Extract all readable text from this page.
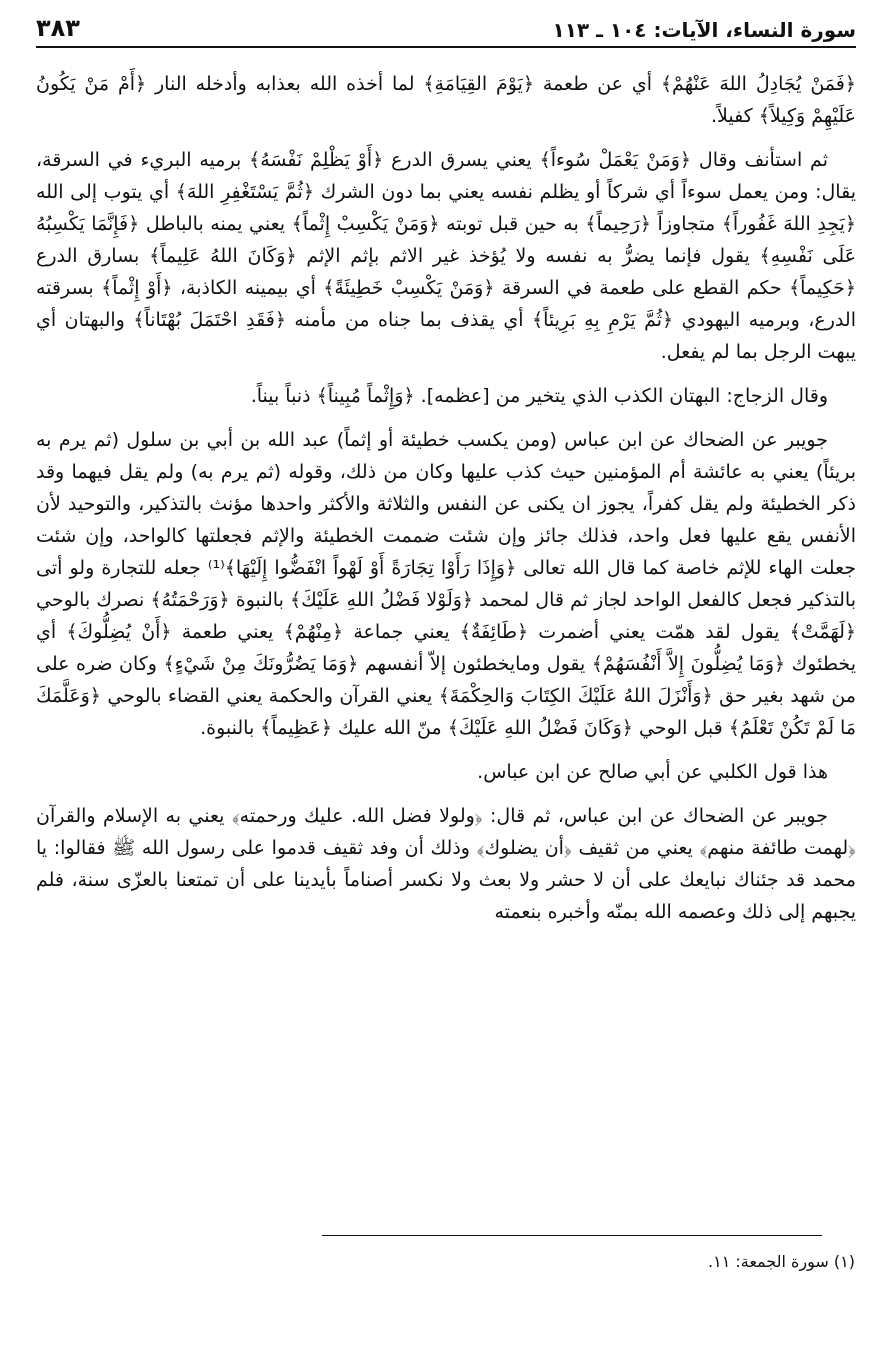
سورة النساء، الآيات: ١٠٤ ـ ١١٣
٣٨٣

﴿فَمَنْ يُجَادِلُ اللهَ عَنْهُمْ﴾ أي عن طعمة ﴿يَوْمَ القِيَامَةِ﴾ لما أخذه الله بعذابه وأدخله النار ﴿أَمْ مَنْ يَكُونُ عَلَيْهِمْ وَكِيلاً﴾ كفيلاً.

ثم استأنف وقال ﴿وَمَنْ يَعْمَلْ سُوءاً﴾ يعني يسرق الدرع ﴿أَوْ يَظْلِمْ نَفْسَهُ﴾ برميه البريء في السرقة، يقال: ومن يعمل سوءاً أي شركاً أو يظلم نفسه يعني بما دون الشرك ﴿ثُمَّ يَسْتَغْفِرِ اللهَ﴾ أي يتوب إلى الله ﴿يَجِدِ اللهَ غَفُوراً﴾ متجاوزاً ﴿رَحِيماً﴾ به حين قبل توبته ﴿وَمَنْ يَكْسِبْ إِثْماً﴾ يعني يمنه بالباطل ﴿فَإِنَّمَا يَكْسِبُهُ عَلَى نَفْسِهِ﴾ يقول فإنما يضرُّ به نفسه ولا يُؤخذ غير الاثم بإثم الإثم ﴿وَكَانَ اللهُ عَلِيماً﴾ بسارق الدرع ﴿حَكِيماً﴾ حكم القطع على طعمة في السرقة ﴿وَمَنْ يَكْسِبْ خَطِيئَةً﴾ أي بيمينه الكاذبة، ﴿أَوْ إِثْماً﴾ بسرقته الدرع، وبرميه اليهودي ﴿ثُمَّ يَرْمِ بِهِ بَرِيئاً﴾ أي يقذف بما جناه من مأمنه ﴿فَقَدِ احْتَمَلَ بُهْتَاناً﴾ والبهتان أي يبهت الرجل بما لم يفعل.

وقال الزجاج: البهتان الكذب الذي يتخير من [عظمه]. ﴿وَإِثْماً مُبِيناً﴾ ذنباً بيناً.

جويبر عن الضحاك عن ابن عباس (ومن يكسب خطيئة أو إثماً) عبد الله بن أبي بن سلول (ثم يرم به بريئاً) يعني به عائشة أم المؤمنين حيث كذب عليها وكان من ذلك، وقوله (ثم يرم به) ولم يقل فيهما وقد ذكر الخطيئة ولم يقل كفراً، يجوز ان يكنى عن النفس والثلاثة والأكثر واحدها مؤنث بالتذكير، والتوحيد لأن الأنفس يقع عليها فعل واحد، فذلك جائز وإن شئت ضممت الخطيئة والإثم فجعلتها كالواحد، وإن شئت جعلت الهاء للإثم خاصة كما قال الله تعالى ﴿وَإِذَا رَأَوْا تِجَارَةً أَوْ لَهْواً انْفَضُّوا إِلَيْهَا﴾⁽¹⁾ جعله للتجارة ولو أتى بالتذكير فجعل كالفعل الواحد لجاز ثم قال لمحمد ﴿وَلَوْلا فَضْلُ اللهِ عَلَيْكَ﴾ بالنبوة ﴿وَرَحْمَتُهُ﴾ نصرك بالوحي ﴿لَهَمَّتْ﴾ يقول لقد همّت يعني أضمرت ﴿طَائِفَةٌ﴾ يعني جماعة ﴿مِنْهُمْ﴾ يعني طعمة ﴿أَنْ يُضِلُّوكَ﴾ أي يخطئوك ﴿وَمَا يُضِلُّونَ إِلاَّ أَنْفُسَهُمْ﴾ يقول ومايخطئون إلاّ أنفسهم ﴿وَمَا يَضُرُّونَكَ مِنْ شَيْءٍ﴾ وكان ضره على من شهد بغير حق ﴿وَأَنْزَلَ اللهُ عَلَيْكَ الكِتَابَ وَالحِكْمَةَ﴾ يعني القرآن والحكمة يعني القضاء بالوحي ﴿وَعَلَّمَكَ مَا لَمْ تَكُنْ تَعْلَمُ﴾ قبل الوحي ﴿وَكَانَ فَضْلُ اللهِ عَلَيْكَ﴾ منّ الله عليك ﴿عَظِيماً﴾ بالنبوة.

هذا قول الكلبي عن أبي صالح عن ابن عباس.

جويبر عن الضحاك عن ابن عباس، ثم قال: ﴿ولولا فضل الله. عليك ورحمته﴾ يعني به الإسلام والقرآن ﴿لهمت طائفة منهم﴾ يعني من ثقيف ﴿أن يضلوك﴾ وذلك أن وفد ثقيف قدموا على رسول الله ﷺ فقالوا: يا محمد قد جئناك نبايعك على أن لا حشر ولا بعث ولا نكسر أصناماً بأيدينا على أن تمتعنا بالعزّى سنة، فلم يجبهم إلى ذلك وعصمه الله بمنّه وأخبره بنعمته

(١) سورة الجمعة: ١١.
